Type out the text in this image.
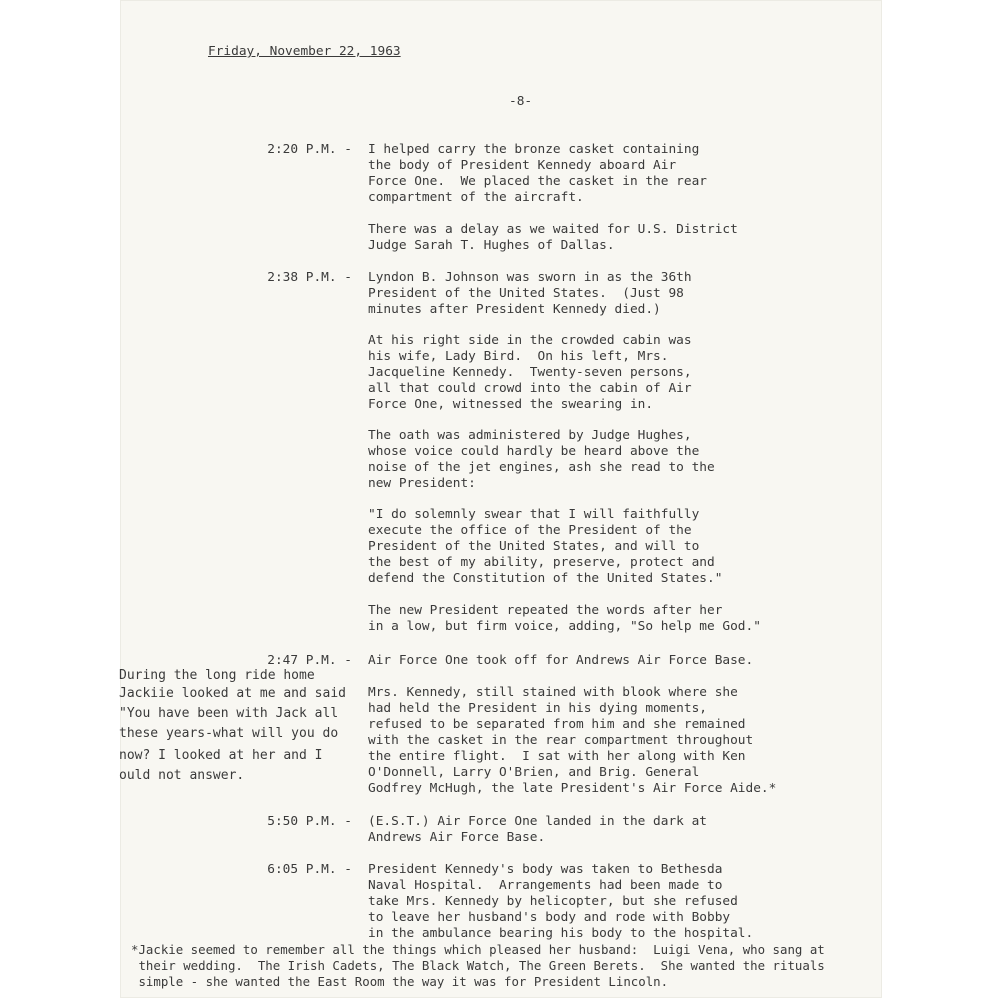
Friday, November 22, 1963
-8-
2:20 P.M. - I helped carry the bronze casket containing
the body of President Kennedy aboard Air
Force One.  We placed the casket in the rear
compartment of the aircraft.
There was a delay as we waited for U.S. District
Judge Sarah T. Hughes of Dallas.
2:38 P.M. - Lyndon B. Johnson was sworn in as the 36th
President of the United States.  (Just 98
minutes after President Kennedy died.)
At his right side in the crowded cabin was
his wife, Lady Bird.  On his left, Mrs.
Jacqueline Kennedy.  Twenty-seven persons,
all that could crowd into the cabin of Air
Force One, witnessed the swearing in.
The oath was administered by Judge Hughes,
whose voice could hardly be heard above the
noise of the jet engines, ash she read to the
new President:
"I do solemnly swear that I will faithfully
execute the office of the President of the
President of the United States, and will to
the best of my ability, preserve, protect and
defend the Constitution of the United States."
The new President repeated the words after her
in a low, but firm voice, adding, "So help me God."
2:47 P.M. - Air Force One took off for Andrews Air Force Base.
Mrs. Kennedy, still stained with blook where she
had held the President in his dying moments,
refused to be separated from him and she remained
with the casket in the rear compartment throughout
the entire flight.  I sat with her along with Ken
O'Donnell, Larry O'Brien, and Brig. General
Godfrey McHugh, the late President's Air Force Aide.*
During the long ride home
Jackiie looked at me and said
"You have been with Jack all
these years-what will you do
now? I looked at her and I
ould not answer.
5:50 P.M. - (E.S.T.) Air Force One landed in the dark at
Andrews Air Force Base.
6:05 P.M. - President Kennedy's body was taken to Bethesda
Naval Hospital.  Arrangements had been made to
take Mrs. Kennedy by helicopter, but she refused
to leave her husband's body and rode with Bobby
in the ambulance bearing his body to the hospital.
*Jackie seemed to remember all the things which pleased her husband:  Luigi Vena, who sang at
their wedding.  The Irish Cadets, The Black Watch, The Green Berets.  She wanted the rituals
simple - she wanted the East Room the way it was for President Lincoln.
